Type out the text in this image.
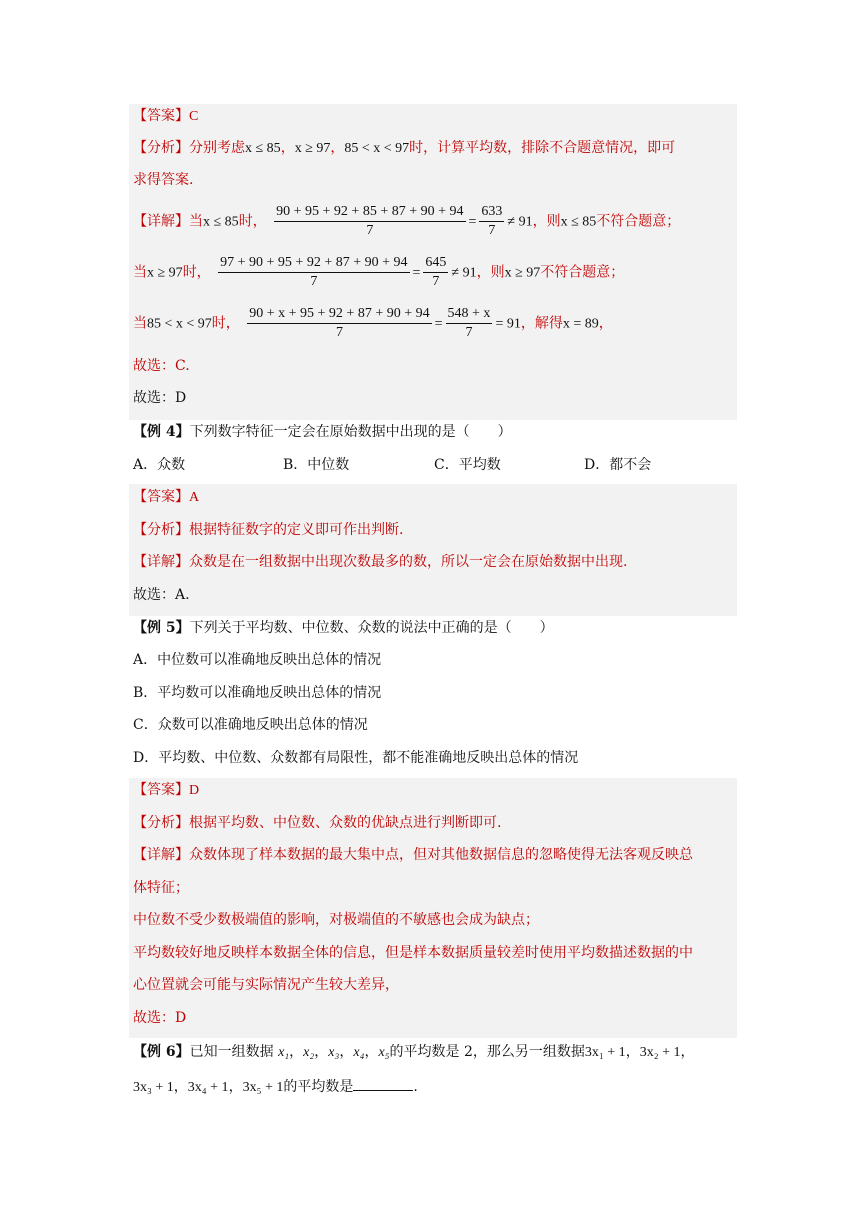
【答案】C
【分析】分别考虑x ≤ 85，x ≥ 97，85 < x < 97时，计算平均数，排除不合题意情况，即可
求得答案.
【详解】当x ≤ 85时， $\frac{90 + 95 + 92 + 85 + 87 + 90 + 94}{7} = \frac{633}{7} \ne 91$，则x ≤ 85不符合题意；
当x ≥ 97时， $\frac{97 + 90 + 95 + 92 + 87 + 90 + 94}{7} = \frac{645}{7} \ne 91$，则x ≥ 97不符合题意；
当85 < x < 97时， $\frac{90 + x + 95 + 92 + 87 + 90 + 94}{7} = \frac{548 + x}{7} = 91$，解得x = 89，
故选：C.
故选：D
【例 4】下列数字特征一定会在原始数据中出现的是（　　）
A．众数	B．中位数	C．平均数	D．都不会
【答案】A
【分析】根据特征数字的定义即可作出判断.
【详解】众数是在一组数据中出现次数最多的数，所以一定会在原始数据中出现.
故选：A.
【例 5】下列关于平均数、中位数、众数的说法中正确的是（　　）
A．中位数可以准确地反映出总体的情况
B．平均数可以准确地反映出总体的情况
C．众数可以准确地反映出总体的情况
D．平均数、中位数、众数都有局限性，都不能准确地反映出总体的情况
【答案】D
【分析】根据平均数、中位数、众数的优缺点进行判断即可.
【详解】众数体现了样本数据的最大集中点，但对其他数据信息的忽略使得无法客观反映总
体特征；
中位数不受少数极端值的影响，对极端值的不敏感也会成为缺点；
平均数较好地反映样本数据全体的信息，但是样本数据质量较差时使用平均数描述数据的中
心位置就会可能与实际情况产生较大差异，
故选：D
【例 6】已知一组数据 x₁，x₂，x₃，x₄，x₅的平均数是 2，那么另一组数据3x₁ + 1，3x₂ + 1，
3x₃ + 1，3x₄ + 1，3x₅ + 1的平均数是	.
